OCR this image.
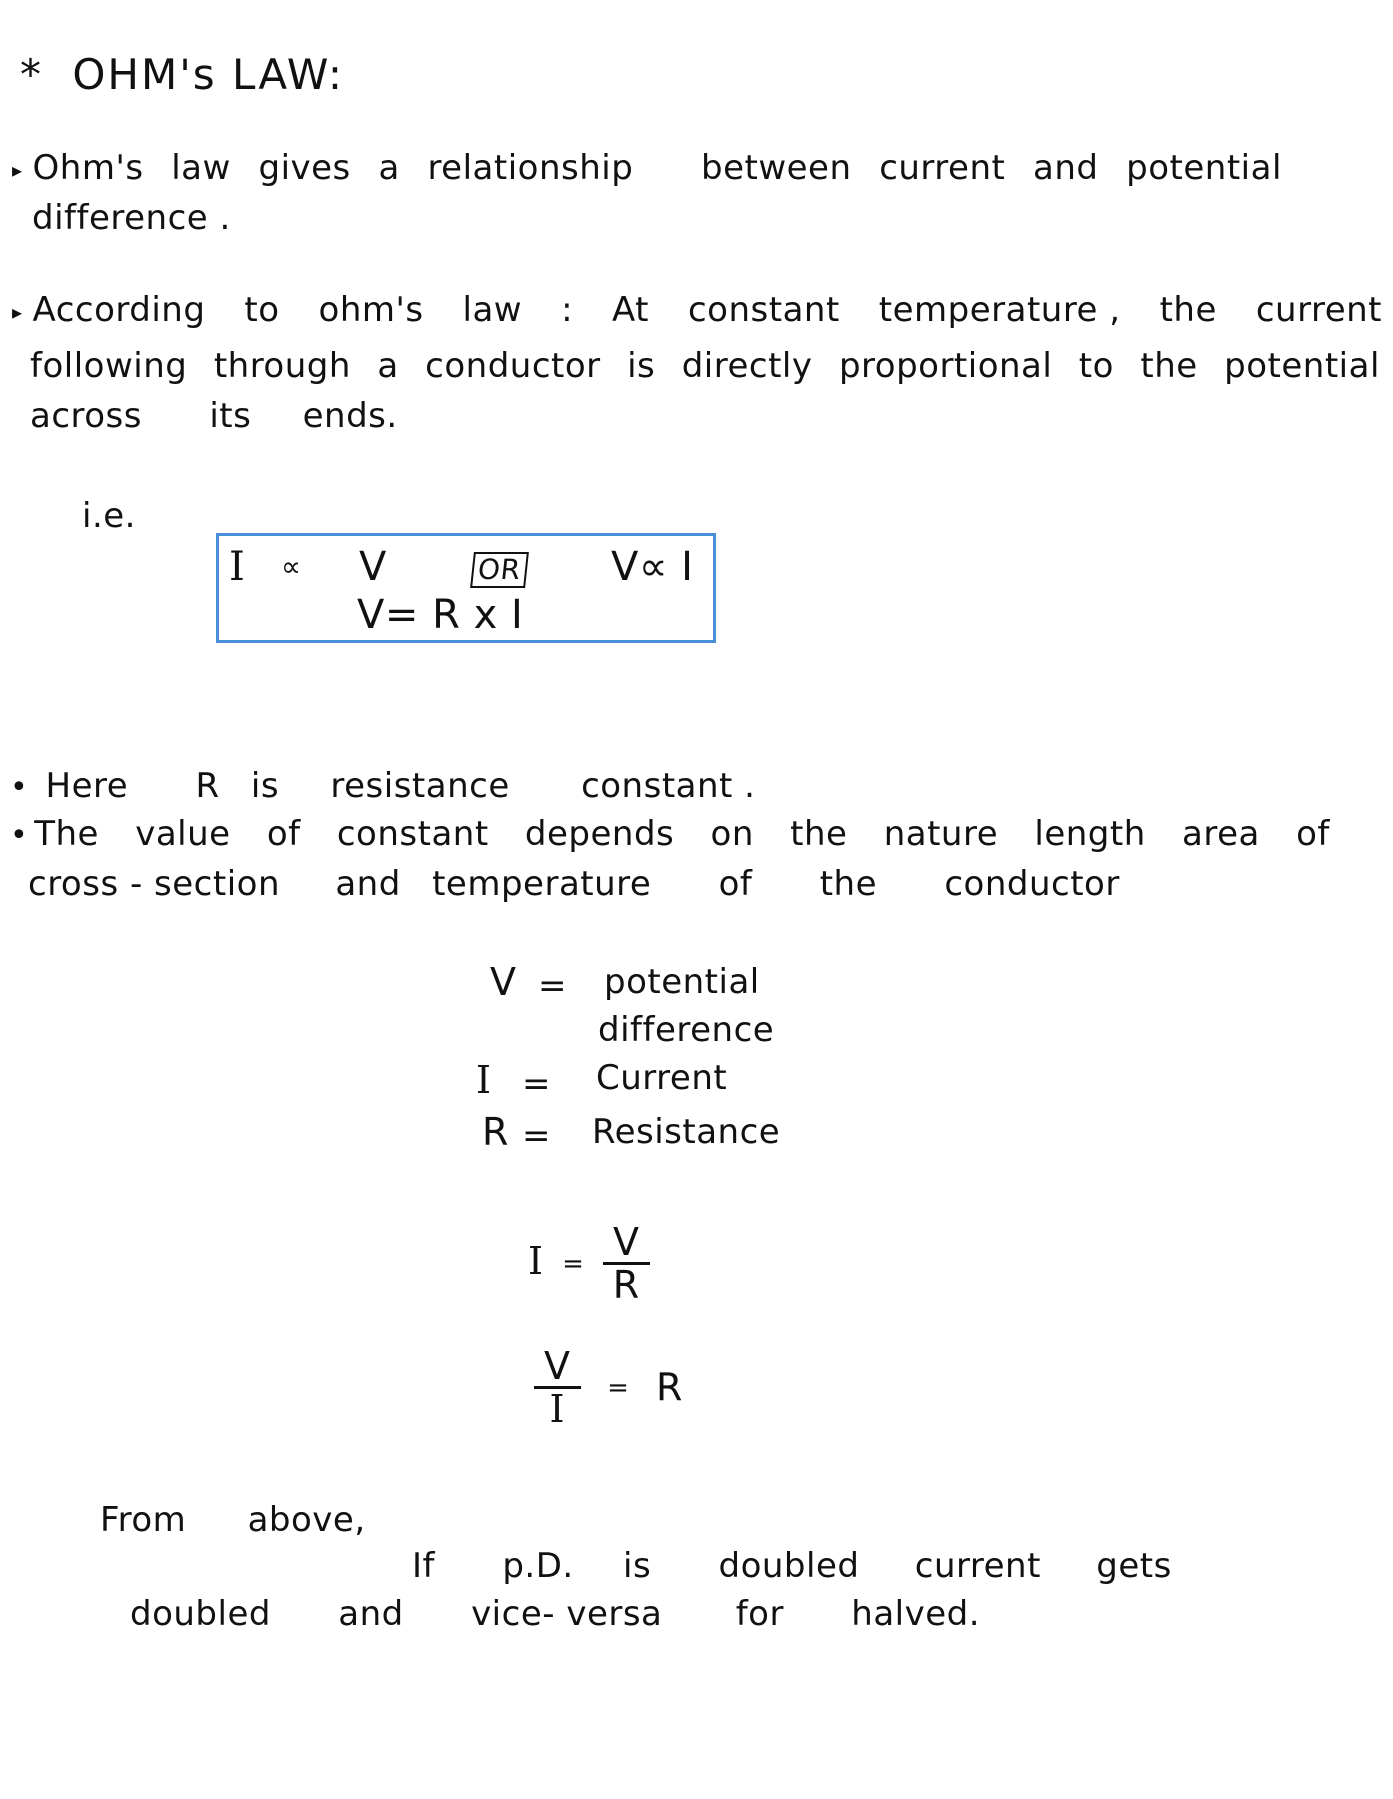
* OHM's LAW:
▸ Ohm's law gives a relationship between current and potential
difference .
▸ According to ohm's law : At constant temperature , the current
following through a conductor is directly proportional to the potential
across its ends.
i.e.
I ∝ V	OR V∝ I
V= R x I
• Here R is resistance constant .
• The value of constant depends on the nature length area of
cross - section and temperature of the conductor
V = potential
difference
I = Current
R = Resistance
$I = \frac{V}{R}$
$\frac{V}{I} = R$
From above,
If p.D. is doubled current gets
doubled and vice- versa for halved.
